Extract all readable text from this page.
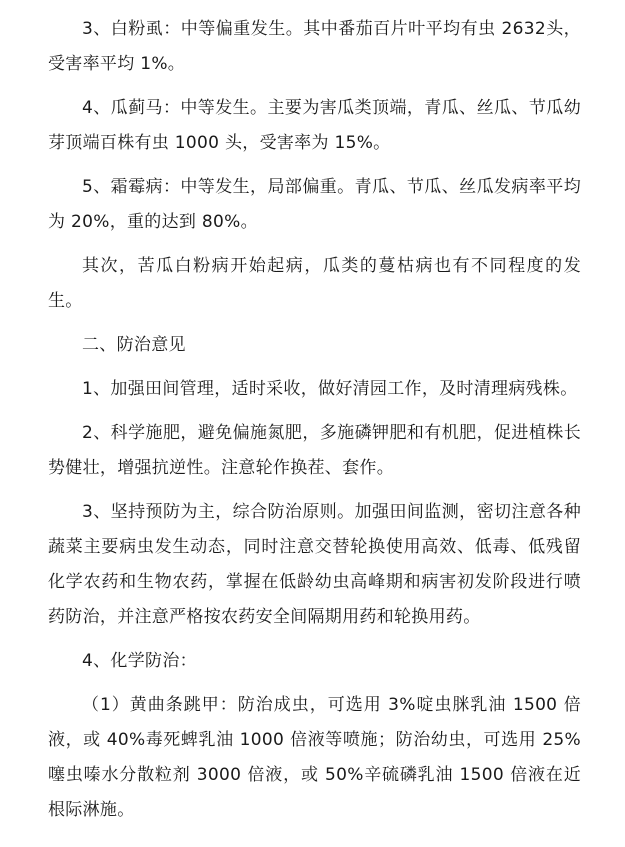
3、白粉虱：中等偏重发生。其中番茄百片叶平均有虫 2632头，受害率平均 1%。

4、瓜蓟马：中等发生。主要为害瓜类顶端，青瓜、丝瓜、节瓜幼芽顶端百株有虫 1000 头，受害率为 15%。

5、霜霉病：中等发生，局部偏重。青瓜、节瓜、丝瓜发病率平均为 20%，重的达到 80%。

其次，苦瓜白粉病开始起病，瓜类的蔓枯病也有不同程度的发生。

二、防治意见

1、加强田间管理，适时采收，做好清园工作，及时清理病残株。

2、科学施肥，避免偏施氮肥，多施磷钾肥和有机肥，促进植株长势健壮，增强抗逆性。注意轮作换茬、套作。

3、坚持预防为主，综合防治原则。加强田间监测，密切注意各种蔬菜主要病虫发生动态，同时注意交替轮换使用高效、低毒、低残留化学农药和生物农药，掌握在低龄幼虫高峰期和病害初发阶段进行喷药防治，并注意严格按农药安全间隔期用药和轮换用药。

4、化学防治：

（1）黄曲条跳甲：防治成虫，可选用 3%啶虫脒乳油 1500 倍液，或 40%毒死蜱乳油 1000 倍液等喷施；防治幼虫，可选用 25%噻虫嗪水分散粒剂 3000 倍液，或 50%辛硫磷乳油 1500 倍液在近根际淋施。
